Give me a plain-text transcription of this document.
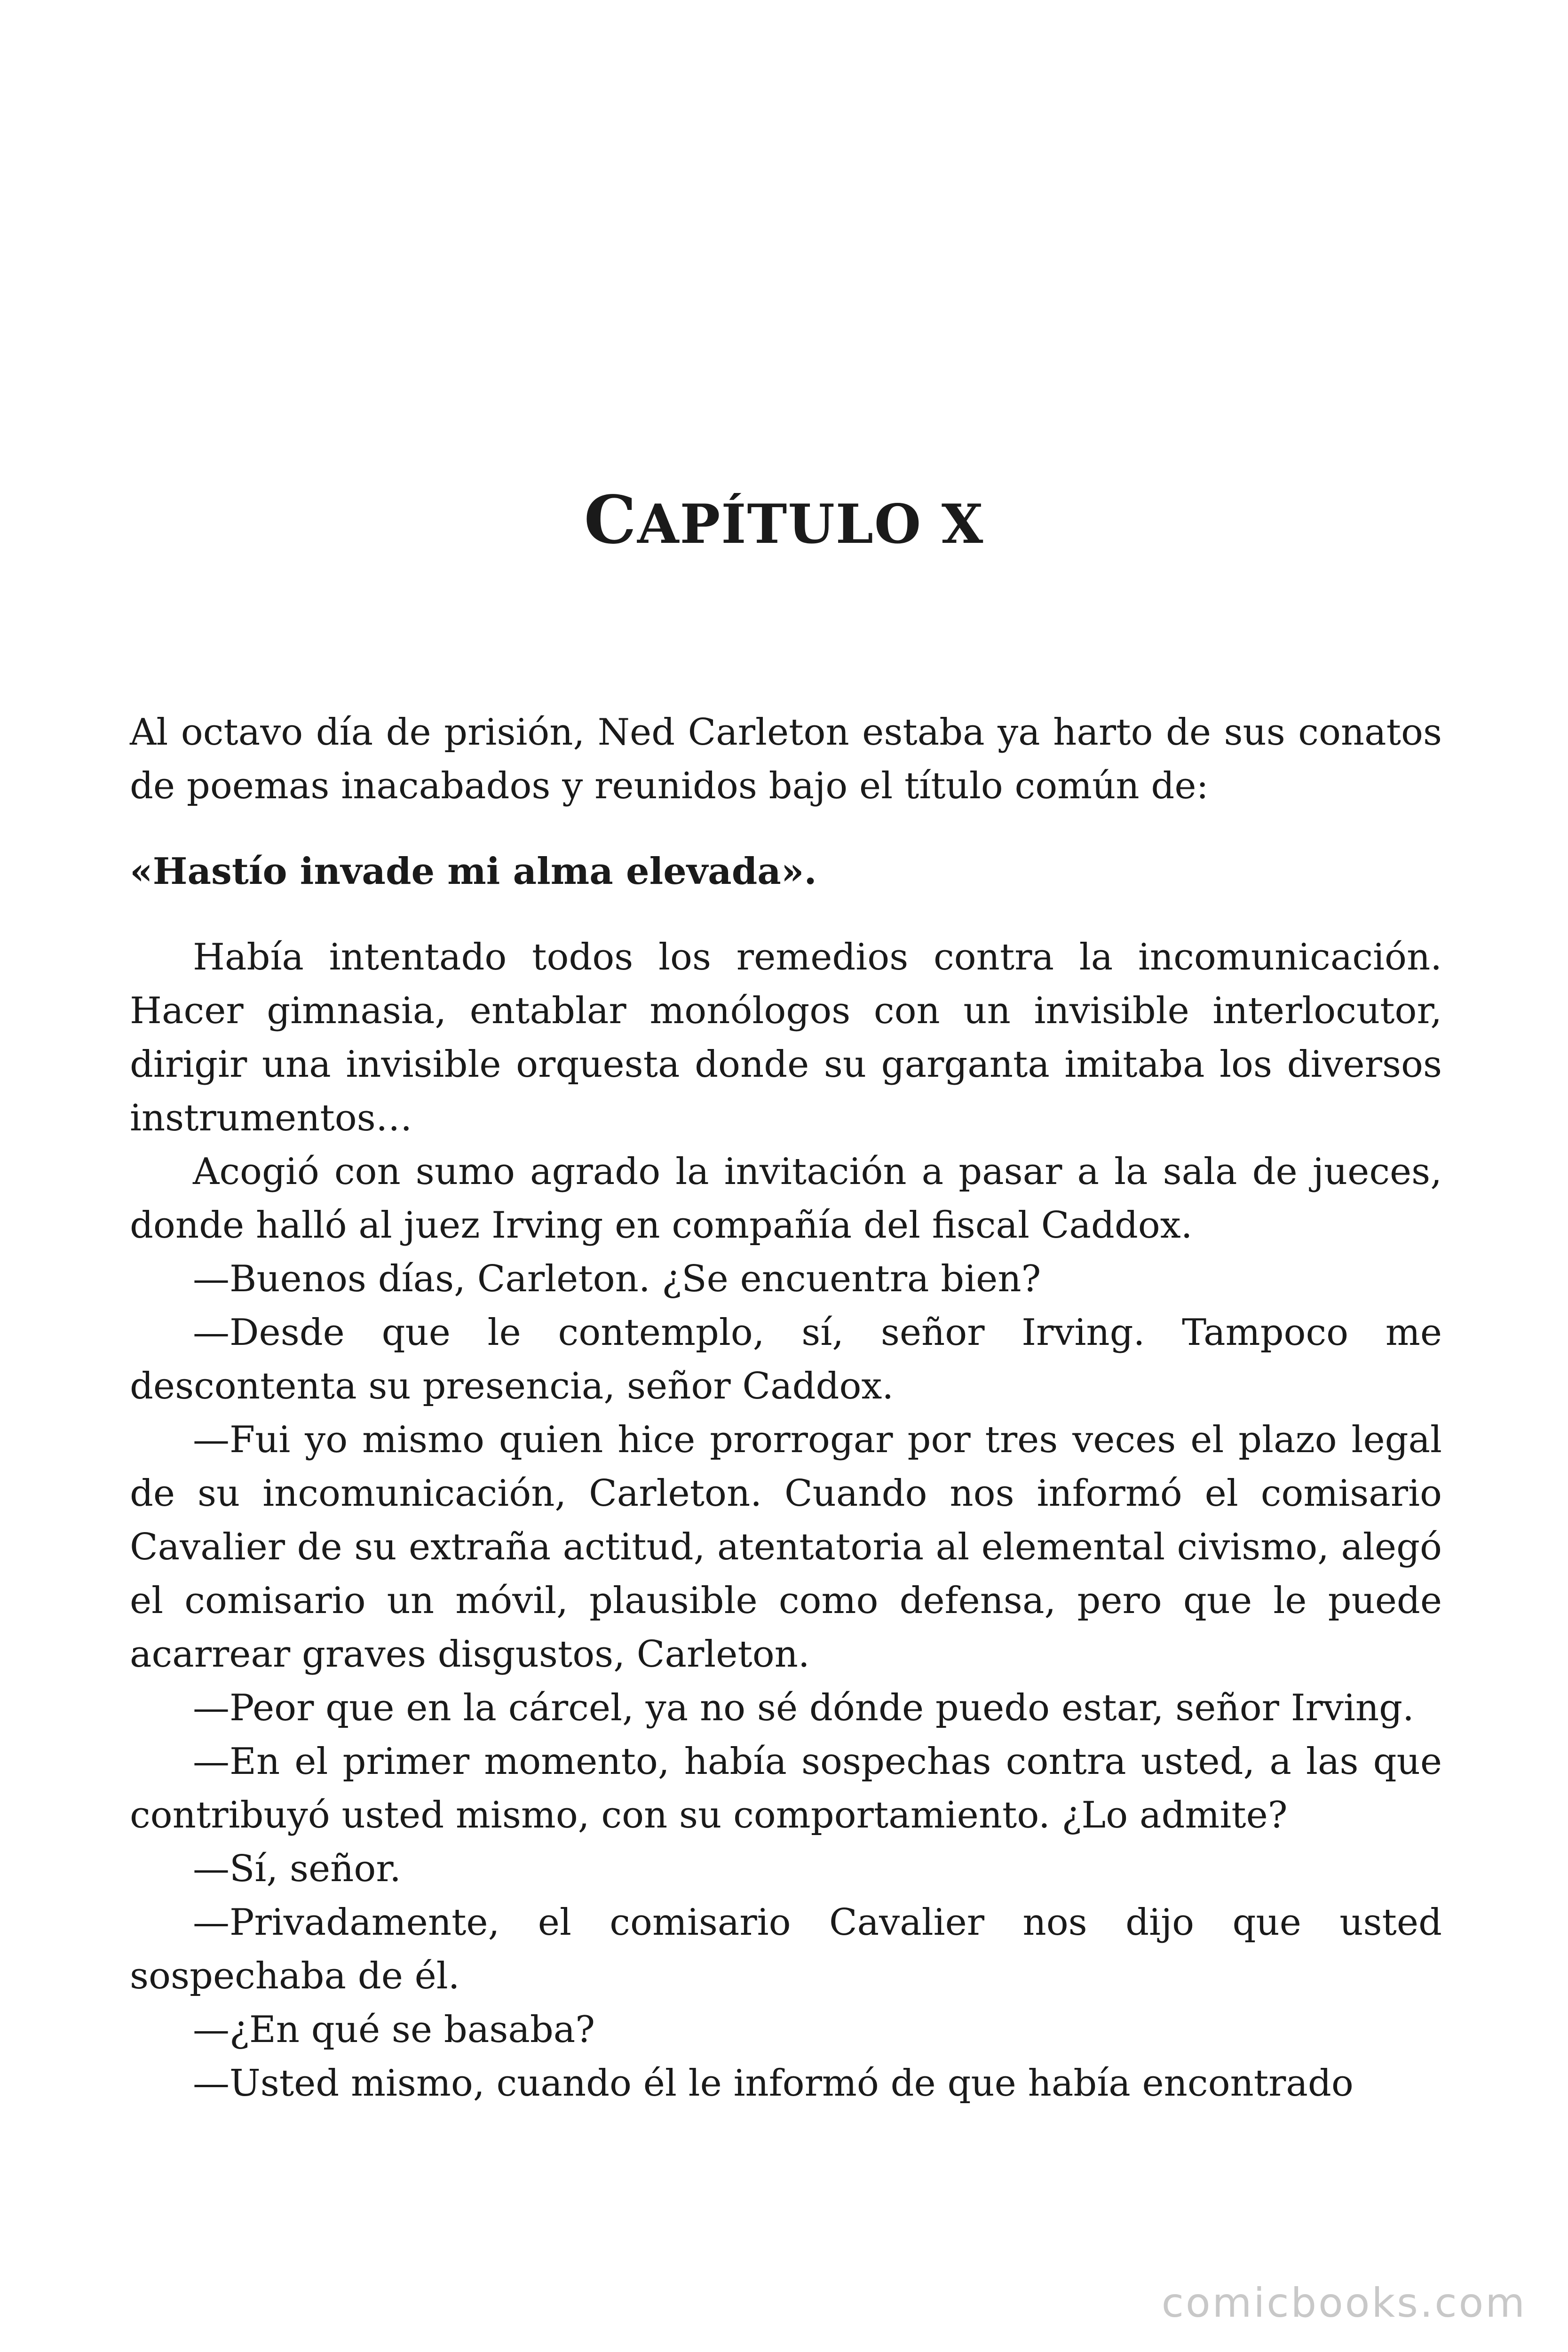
CAPÍTULO X

Al octavo día de prisión, Ned Carleton estaba ya harto de sus conatos de poemas inacabados y reunidos bajo el título común de:

«Hastío invade mi alma elevada».

Había intentado todos los remedios contra la incomunicación. Hacer gimnasia, entablar monólogos con un invisible interlocutor, dirigir una invisible orquesta donde su garganta imitaba los diversos instrumentos…

Acogió con sumo agrado la invitación a pasar a la sala de jueces, donde halló al juez Irving en compañía del fiscal Caddox.

—Buenos días, Carleton. ¿Se encuentra bien?

—Desde que le contemplo, sí, señor Irving. Tampoco me descontenta su presencia, señor Caddox.

—Fui yo mismo quien hice prorrogar por tres veces el plazo legal de su incomunicación, Carleton. Cuando nos informó el comisario Cavalier de su extraña actitud, atentatoria al elemental civismo, alegó el comisario un móvil, plausible como defensa, pero que le puede acarrear graves disgustos, Carleton.

—Peor que en la cárcel, ya no sé dónde puedo estar, señor Irving.

—En el primer momento, había sospechas contra usted, a las que contribuyó usted mismo, con su comportamiento. ¿Lo admite?

—Sí, señor.

—Privadamente, el comisario Cavalier nos dijo que usted sospechaba de él.

—¿En qué se basaba?

—Usted mismo, cuando él le informó de que había encontrado

comicbooks.com
